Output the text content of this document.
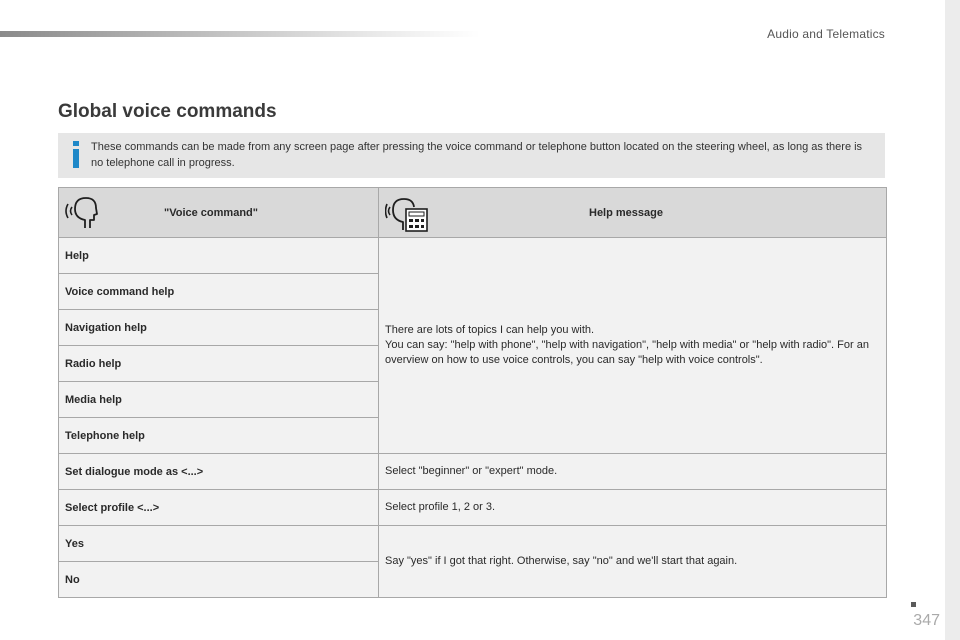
Audio and Telematics
Global voice commands
These commands can be made from any screen page after pressing the voice command or telephone button located on the steering wheel, as long as there is no telephone call in progress.
"Voice command"	Help message

Help	There are lots of topics I can help you with.
You can say: "help with phone", "help with navigation", "help with media" or "help with radio". For an overview on how to use voice controls, you can say "help with voice controls".

Voice command help	
Navigation help	
Radio help	
Media help	
Telephone help	
Set dialogue mode as <...>	Select "beginner" or "expert" mode.
Select profile <...>	Select profile 1, 2 or 3.
Yes	Say "yes" if I got that right. Otherwise, say "no" and we'll start that again.
No	
347
